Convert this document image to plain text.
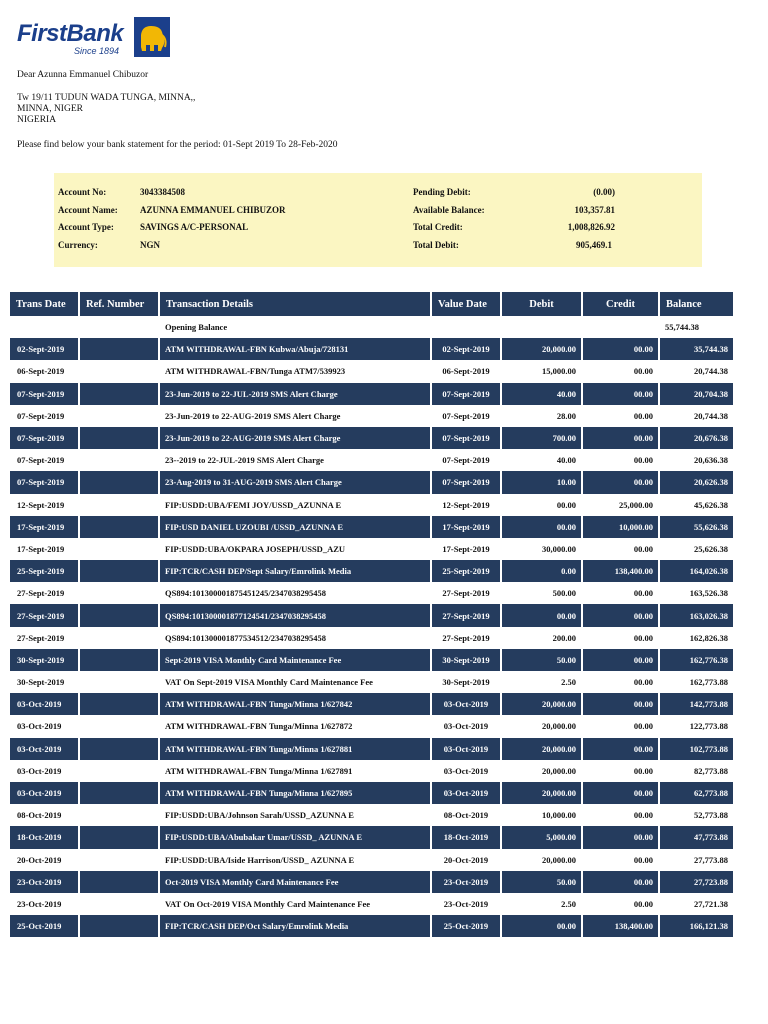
FirstBank
Since 1894
Dear Azunna Emmanuel Chibuzor
Tw 19/11 TUDUN WADA TUNGA, MINNA,,
MINNA, NIGER
NIGERIA
Please find below your bank statement for the period: 01-Sept 2019 To 28-Feb-2020
Account No:	3043384508
Account Name: AZUNNA EMMANUEL CHIBUZOR
Account Type:	SAVINGS A/C-PERSONAL
Currency:	NGN
Pending Debit:	(0.00)
Available Balance:	103,357.81
Total Credit:	1,008,826.92
Total Debit:	905,469.1
Trans Date	Ref. Number	Transaction Details	Value Date	Debit	Credit	Balance
		Opening Balance				55,744.38
02-Sept-2019		ATM WITHDRAWAL-FBN Kubwa/Abuja/728131	02-Sept-2019	20,000.00	00.00	35,744.38
06-Sept-2019		ATM WITHDRAWAL-FBN/Tunga ATM7/539923	06-Sept-2019	15,000.00	00.00	20,744.38
07-Sept-2019		23-Jun-2019 to 22-JUL-2019 SMS Alert Charge	07-Sept-2019	40.00	00.00	20,704.38
07-Sept-2019		23-Jun-2019 to 22-AUG-2019 SMS Alert Charge	07-Sept-2019	28.00	00.00	20,744.38
07-Sept-2019		23-Jun-2019 to 22-AUG-2019 SMS Alert Charge	07-Sept-2019	700.00	00.00	20,676.38
07-Sept-2019		23--2019 to 22-JUL-2019 SMS Alert Charge	07-Sept-2019	40.00	00.00	20,636.38
07-Sept-2019		23-Aug-2019 to 31-AUG-2019 SMS Alert Charge	07-Sept-2019	10.00	00.00	20,626.38
12-Sept-2019		FIP:USDD:UBA/FEMI JOY/USSD_AZUNNA E	12-Sept-2019	00.00	25,000.00	45,626.38
17-Sept-2019		FIP:USD DANIEL UZOUBI /USSD_AZUNNA E	17-Sept-2019	00.00	10,000.00	55,626.38
17-Sept-2019		FIP:USDD:UBA/OKPARA JOSEPH/USSD_AZU	17-Sept-2019	30,000.00	00.00	25,626.38
25-Sept-2019		FIP:TCR/CASH DEP/Sept Salary/Emrolink Media	25-Sept-2019	0.00	138,400.00	164,026.38
27-Sept-2019		QS894:101300001875451245/2347038295458	27-Sept-2019	500.00	00.00	163,526.38
27-Sept-2019		QS894:101300001877124541/2347038295458	27-Sept-2019	00.00	00.00	163,026.38
27-Sept-2019		QS894:101300001877534512/2347038295458	27-Sept-2019	200.00	00.00	162,826.38
30-Sept-2019		Sept-2019 VISA Monthly Card Maintenance Fee	30-Sept-2019	50.00	00.00	162,776.38
30-Sept-2019		VAT On Sept-2019 VISA Monthly Card Maintenance Fee	30-Sept-2019	2.50	00.00	162,773.88
03-Oct-2019		ATM WITHDRAWAL-FBN Tunga/Minna 1/627842	03-Oct-2019	20,000.00	00.00	142,773.88
03-Oct-2019		ATM WITHDRAWAL-FBN Tunga/Minna 1/627872	03-Oct-2019	20,000.00	00.00	122,773.88
03-Oct-2019		ATM WITHDRAWAL-FBN Tunga/Minna 1/627881	03-Oct-2019	20,000.00	00.00	102,773.88
03-Oct-2019		ATM WITHDRAWAL-FBN Tunga/Minna 1/627891	03-Oct-2019	20,000.00	00.00	82,773.88
03-Oct-2019		ATM WITHDRAWAL-FBN Tunga/Minna 1/627895	03-Oct-2019	20,000.00	00.00	62,773.88
08-Oct-2019		FIP:USDD:UBA/Johnson Sarah/USSD_AZUNNA E	08-Oct-2019	10,000.00	00.00	52,773.88
18-Oct-2019		FIP:USDD:UBA/Abubakar Umar/USSD_ AZUNNA E	18-Oct-2019	5,000.00	00.00	47,773.88
20-Oct-2019		FIP:USDD:UBA/Iside Harrison/USSD_ AZUNNA E	20-Oct-2019	20,000.00	00.00	27,773.88
23-Oct-2019		Oct-2019 VISA Monthly Card Maintenance Fee	23-Oct-2019	50.00	00.00	27,723.88
23-Oct-2019		VAT On Oct-2019 VISA Monthly Card Maintenance Fee	23-Oct-2019	2.50	00.00	27,721.38
25-Oct-2019		FIP:TCR/CASH DEP/Oct Salary/Emrolink Media	25-Oct-2019	00.00	138,400.00	166,121.38
